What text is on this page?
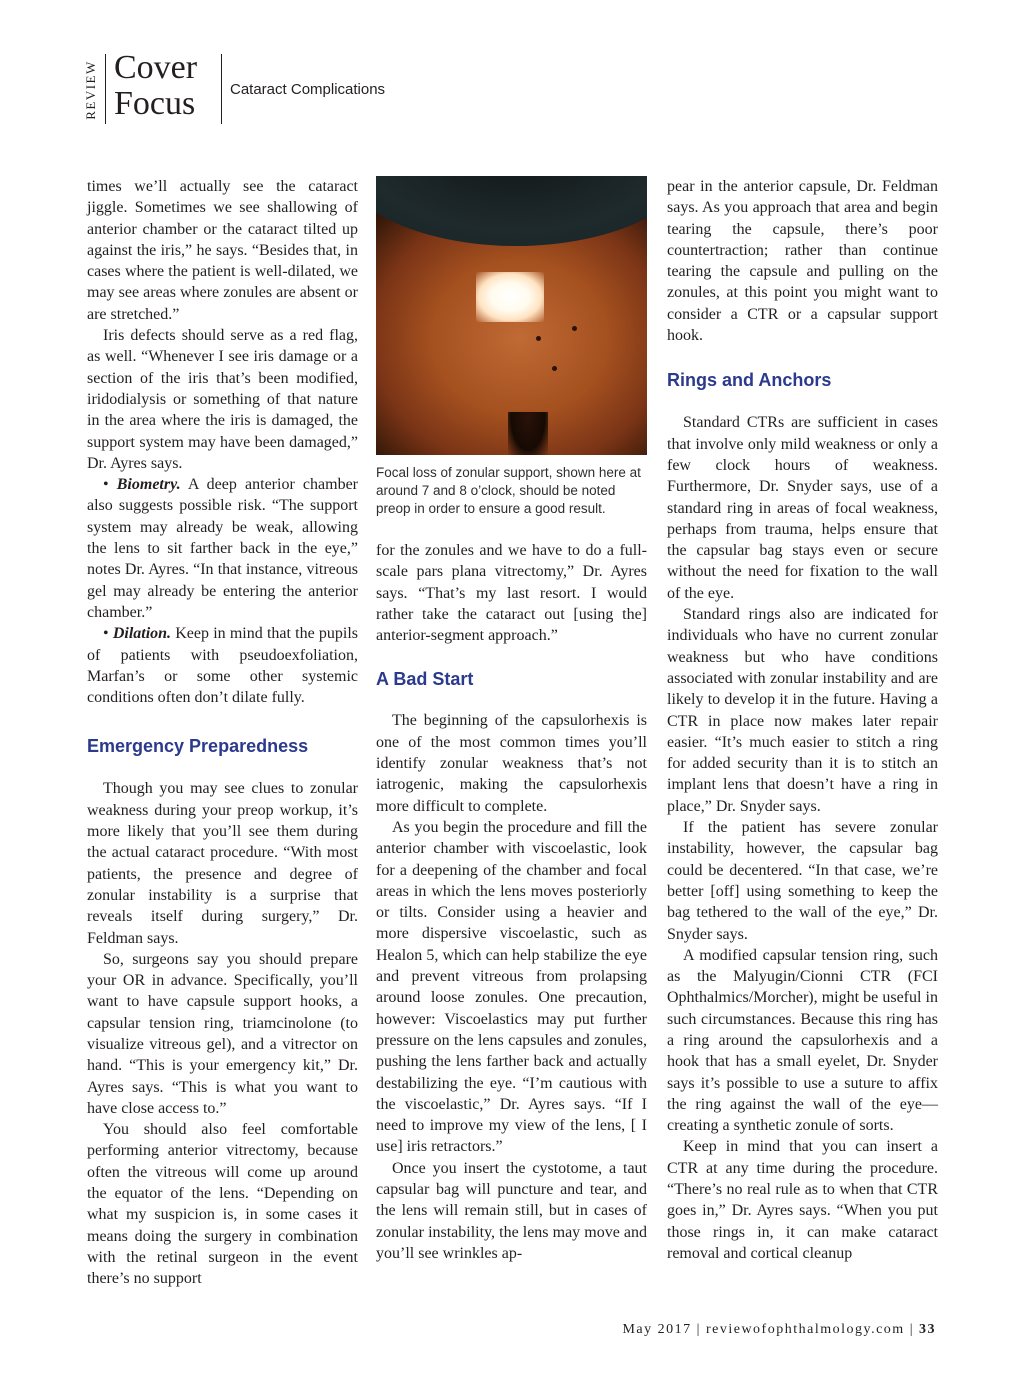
REVIEW Cover
Focus Cataract Complications

times we’ll actually see the cataract jiggle. Sometimes we see shallowing of anterior chamber or the cataract tilted up against the iris,” he says. “Besides that, in cases where the patient is well-dilated, we may see areas where zonules are absent or are stretched.”

Iris defects should serve as a red flag, as well. “Whenever I see iris damage or a section of the iris that’s been modified, iridodialysis or something of that nature in the area where the iris is damaged, the support system may have been damaged,” Dr. Ayres says.

• Biometry. A deep anterior chamber also suggests possible risk. “The support system may already be weak, allowing the lens to sit farther back in the eye,” notes Dr. Ayres. “In that instance, vitreous gel may already be entering the anterior chamber.”

• Dilation. Keep in mind that the pupils of patients with pseudoexfoliation, Marfan’s or some other systemic conditions often don’t dilate fully.

Emergency Preparedness

Though you may see clues to zonular weakness during your preop workup, it’s more likely that you’ll see them during the actual cataract procedure. “With most patients, the presence and degree of zonular instability is a surprise that reveals itself during surgery,” Dr. Feldman says.

So, surgeons say you should prepare your OR in advance. Specifically, you’ll want to have capsule support hooks, a capsular tension ring, triamcinolone (to visualize vitreous gel), and a vitrector on hand. “This is your emergency kit,” Dr. Ayres says. “This is what you want to have close access to.”

You should also feel comfortable performing anterior vitrectomy, because often the vitreous will come up around the equator of the lens. “Depending on what my suspicion is, in some cases it means doing the surgery in combination with the retinal surgeon in the event there’s no support

Focal loss of zonular support, shown here at around 7 and 8 o’clock, should be noted preop in order to ensure a good result.

for the zonules and we have to do a full-scale pars plana vitrectomy,” Dr. Ayres says. “That’s my last resort. I would rather take the cataract out [using the] anterior-segment approach.”

A Bad Start

The beginning of the capsulorhexis is one of the most common times you’ll identify zonular weakness that’s not iatrogenic, making the capsulorhexis more difficult to complete.

As you begin the procedure and fill the anterior chamber with viscoelastic, look for a deepening of the chamber and focal areas in which the lens moves posteriorly or tilts. Consider using a heavier and more dispersive viscoelastic, such as Healon 5, which can help stabilize the eye and prevent vitreous from prolapsing around loose zonules. One precaution, however: Viscoelastics may put further pressure on the lens capsules and zonules, pushing the lens farther back and actually destabilizing the eye. “I’m cautious with the viscoelastic,” Dr. Ayres says. “If I need to improve my view of the lens, [ I use] iris retractors.”

Once you insert the cystotome, a taut capsular bag will puncture and tear, and the lens will remain still, but in cases of zonular instability, the lens may move and you’ll see wrinkles ap-

pear in the anterior capsule, Dr. Feldman says. As you approach that area and begin tearing the capsule, there’s poor countertraction; rather than continue tearing the capsule and pulling on the zonules, at this point you might want to consider a CTR or a capsular support hook.

Rings and Anchors

Standard CTRs are sufficient in cases that involve only mild weakness or only a few clock hours of weakness. Furthermore, Dr. Snyder says, use of a standard ring in areas of focal weakness, perhaps from trauma, helps ensure that the capsular bag stays even or secure without the need for fixation to the wall of the eye.

Standard rings also are indicated for individuals who have no current zonular weakness but who have conditions associated with zonular instability and are likely to develop it in the future. Having a CTR in place now makes later repair easier. “It’s much easier to stitch a ring for added security than it is to stitch an implant lens that doesn’t have a ring in place,” Dr. Snyder says.

If the patient has severe zonular instability, however, the capsular bag could be decentered. “In that case, we’re better [off] using something to keep the bag tethered to the wall of the eye,” Dr. Snyder says.

A modified capsular tension ring, such as the Malyugin/Cionni CTR (FCI Ophthalmics/Morcher), might be useful in such circumstances. Because this ring has a ring around the capsulorhexis and a hook that has a small eyelet, Dr. Snyder says it’s possible to use a suture to affix the ring against the wall of the eye—creating a synthetic zonule of sorts.

Keep in mind that you can insert a CTR at any time during the procedure. “There’s no real rule as to when that CTR goes in,” Dr. Ayres says. “When you put those rings in, it can make cataract removal and cortical cleanup

May 2017 | reviewofophthalmology.com | 33
